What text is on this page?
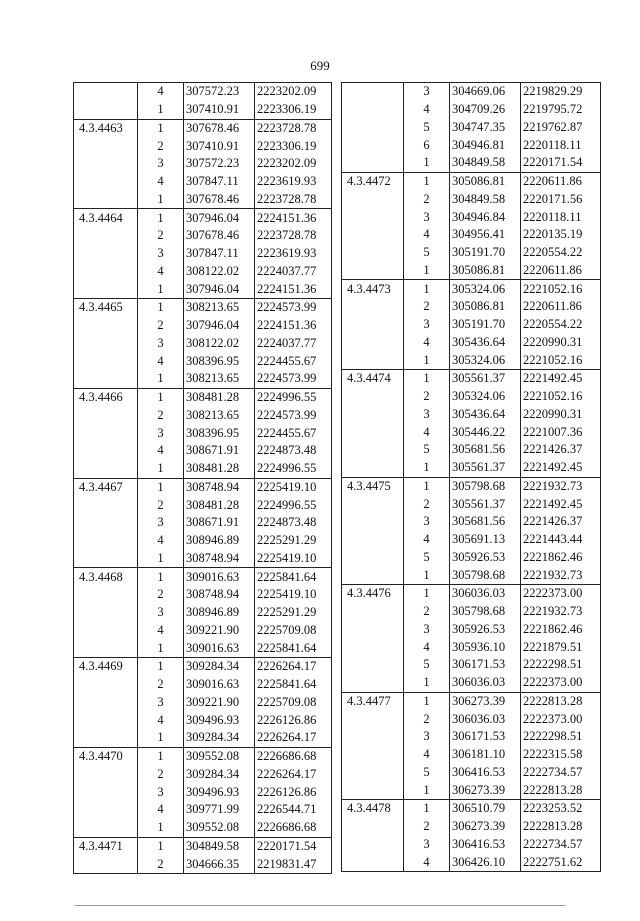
699
	4	307572.23	2223202.09
	1	307410.91	2223306.19
4.3.4463	1	307678.46	2223728.78
	2	307410.91	2223306.19
	3	307572.23	2223202.09
	4	307847.11	2223619.93
	1	307678.46	2223728.78
4.3.4464	1	307946.04	2224151.36
	2	307678.46	2223728.78
	3	307847.11	2223619.93
	4	308122.02	2224037.77
	1	307946.04	2224151.36
4.3.4465	1	308213.65	2224573.99
	2	307946.04	2224151.36
	3	308122.02	2224037.77
	4	308396.95	2224455.67
	1	308213.65	2224573.99
4.3.4466	1	308481.28	2224996.55
	2	308213.65	2224573.99
	3	308396.95	2224455.67
	4	308671.91	2224873.48
	1	308481.28	2224996.55
4.3.4467	1	308748.94	2225419.10
	2	308481.28	2224996.55
	3	308671.91	2224873.48
	4	308946.89	2225291.29
	1	308748.94	2225419.10
4.3.4468	1	309016.63	2225841.64
	2	308748.94	2225419.10
	3	308946.89	2225291.29
	4	309221.90	2225709.08
	1	309016.63	2225841.64
4.3.4469	1	309284.34	2226264.17
	2	309016.63	2225841.64
	3	309221.90	2225709.08
	4	309496.93	2226126.86
	1	309284.34	2226264.17
4.3.4470	1	309552.08	2226686.68
	2	309284.34	2226264.17
	3	309496.93	2226126.86
	4	309771.99	2226544.71
	1	309552.08	2226686.68
4.3.4471	1	304849.58	2220171.54
	2	304666.35	2219831.47
	3	304669.06	2219829.29
	4	304709.26	2219795.72
	5	304747.35	2219762.87
	6	304946.81	2220118.11
	1	304849.58	2220171.54
4.3.4472	1	305086.81	2220611.86
	2	304849.58	2220171.56
	3	304946.84	2220118.11
	4	304956.41	2220135.19
	5	305191.70	2220554.22
	1	305086.81	2220611.86
4.3.4473	1	305324.06	2221052.16
	2	305086.81	2220611.86
	3	305191.70	2220554.22
	4	305436.64	2220990.31
	1	305324.06	2221052.16
4.3.4474	1	305561.37	2221492.45
	2	305324.06	2221052.16
	3	305436.64	2220990.31
	4	305446.22	2221007.36
	5	305681.56	2221426.37
	1	305561.37	2221492.45
4.3.4475	1	305798.68	2221932.73
	2	305561.37	2221492.45
	3	305681.56	2221426.37
	4	305691.13	2221443.44
	5	305926.53	2221862.46
	1	305798.68	2221932.73
4.3.4476	1	306036.03	2222373.00
	2	305798.68	2221932.73
	3	305926.53	2221862.46
	4	305936.10	2221879.51
	5	306171.53	2222298.51
	1	306036.03	2222373.00
4.3.4477	1	306273.39	2222813.28
	2	306036.03	2222373.00
	3	306171.53	2222298.51
	4	306181.10	2222315.58
	5	306416.53	2222734.57
	1	306273.39	2222813.28
4.3.4478	1	306510.79	2223253.52
	2	306273.39	2222813.28
	3	306416.53	2222734.57
	4	306426.10	2222751.62
